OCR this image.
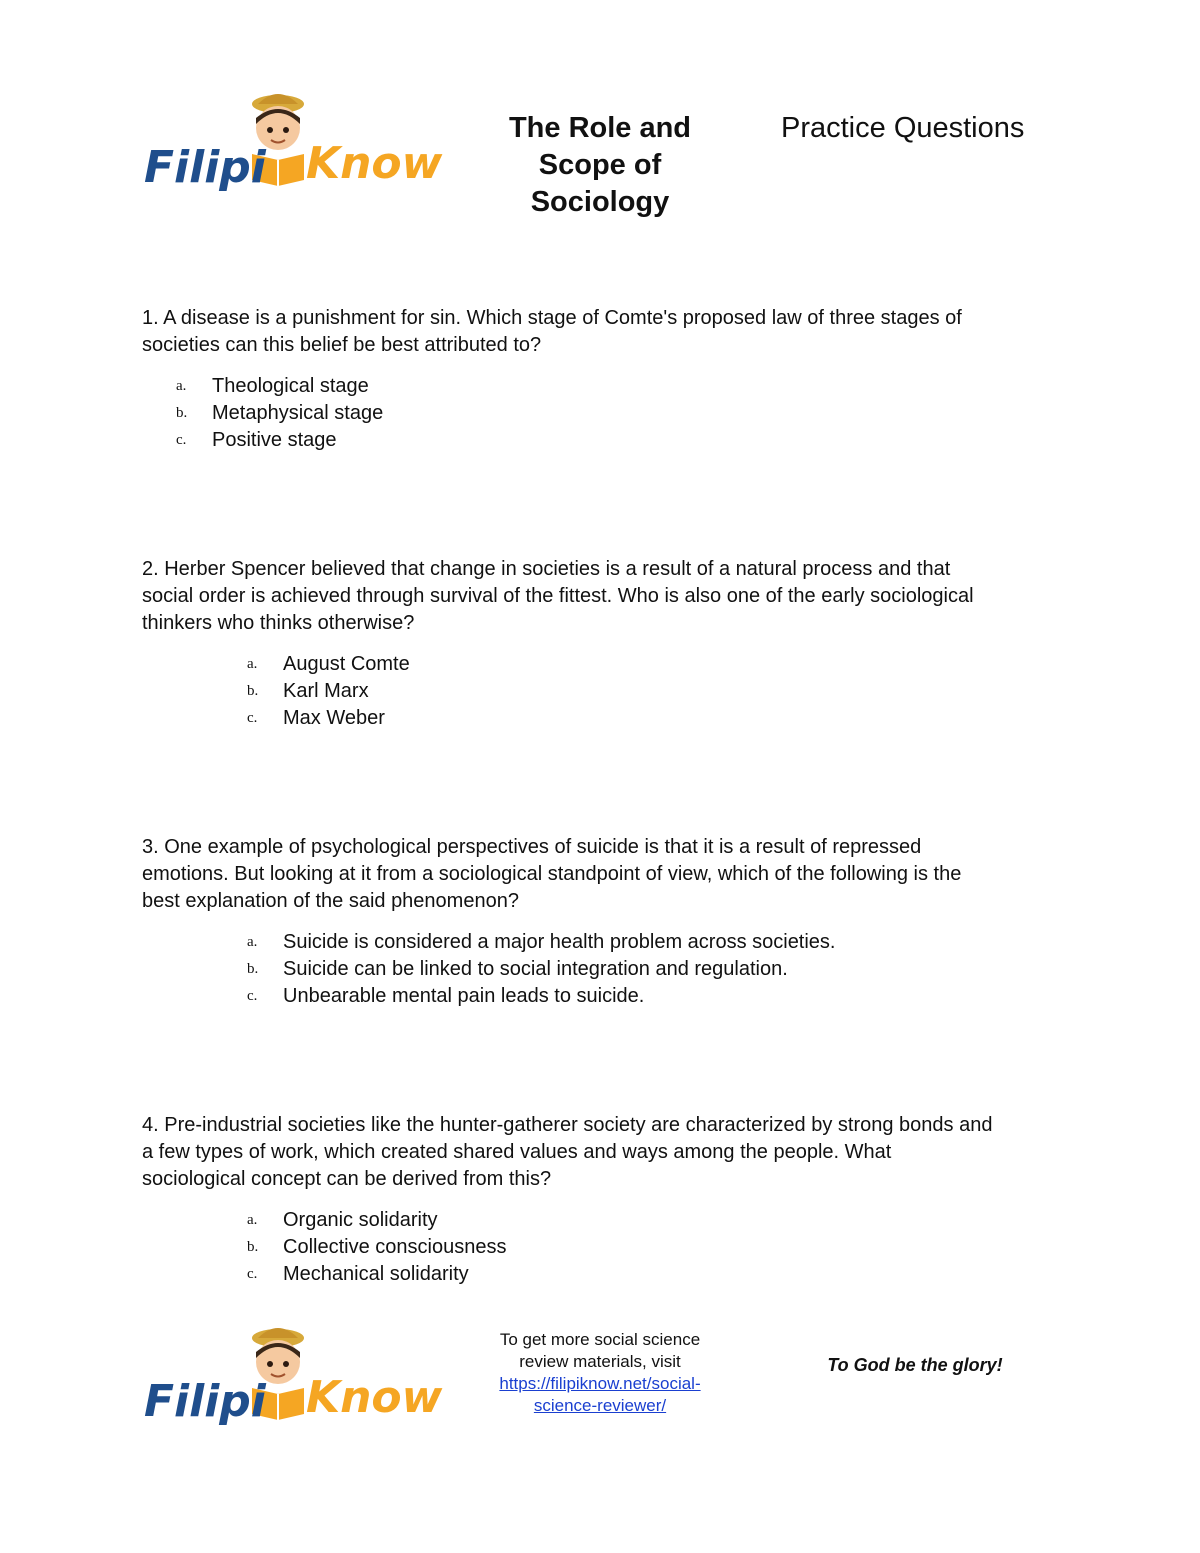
Filipi Know
The Role and
Scope of
Sociology
Practice Questions

1. A disease is a punishment for sin. Which stage of Comte's proposed law of three stages of

societies can this belief be best attributed to?

a. Theological stage
b. Metaphysical stage
c. Positive stage

2. Herber Spencer believed that change in societies is a result of a natural process and that

social order is achieved through survival of the fittest. Who is also one of the early sociological

thinkers who thinks otherwise?

a. August Comte
b. Karl Marx
c. Max Weber

3. One example of psychological perspectives of suicide is that it is a result of repressed

emotions. But looking at it from a sociological standpoint of view, which of the following is the

best explanation of the said phenomenon?

a. Suicide is considered a major health problem across societies.
b. Suicide can be linked to social integration and regulation.
c. Unbearable mental pain leads to suicide.

4. Pre-industrial societies like the hunter-gatherer society are characterized by strong bonds and

a few types of work, which created shared values and ways among the people. What

sociological concept can be derived from this?

a. Organic solidarity
b. Collective consciousness
c. Mechanical solidarity
Filipi Know
To get more social science
review materials, visit
https://filipiknow.net/social-
science-reviewer/
To God be the glory!
